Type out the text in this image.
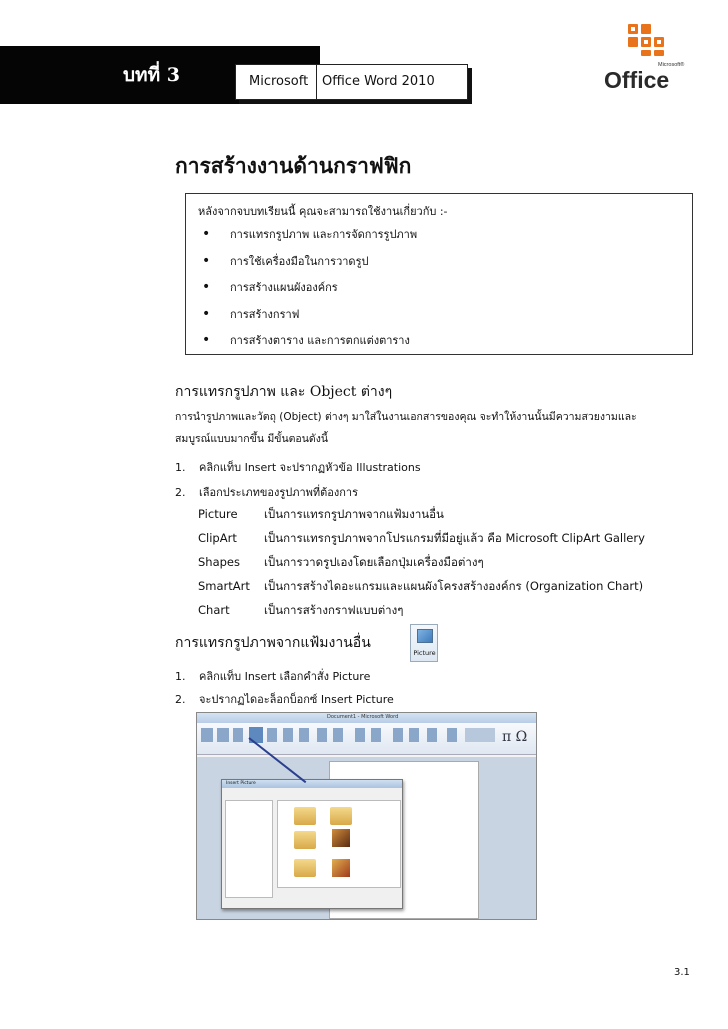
บทที่ 3	Microsoft Office Word 2010
Microsoft®
Office
การสร้างงานด้านกราฟฟิก
หลังจากจบบทเรียนนี้ คุณจะสามารถใช้งานเกี่ยวกับ :-
• การแทรกรูปภาพ และการจัดการรูปภาพ
• การใช้เครื่องมือในการวาดรูป
• การสร้างแผนผังองค์กร
• การสร้างกราฟ
• การสร้างตาราง และการตกแต่งตาราง
การแทรกรูปภาพ และ Object ต่างๆ
การนำรูปภาพและวัตถุ (Object) ต่างๆ มาใส่ในงานเอกสารของคุณ จะทำให้งานนั้นมีความสวยงามและ
สมบูรณ์แบบมากขึ้น มีขั้นตอนดังนี้
1. คลิกแท็บ Insert จะปรากฏหัวข้อ Illustrations
2. เลือกประเภทของรูปภาพที่ต้องการ
Picture เป็นการแทรกรูปภาพจากแฟ้มงานอื่น
ClipArt เป็นการแทรกรูปภาพจากโปรแกรมที่มีอยู่แล้ว คือ Microsoft ClipArt Gallery
Shapes เป็นการวาดรูปเองโดยเลือกปุ่มเครื่องมือต่างๆ
SmartArt เป็นการสร้างไดอะแกรมและแผนผังโครงสร้างองค์กร (Organization Chart)
Chart	เป็นการสร้างกราฟแบบต่างๆ
การแทรกรูปภาพจากแฟ้มงานอื่น
Picture
1. คลิกแท็บ Insert เลือกคำสั่ง Picture
2. จะปรากฏไดอะล็อกบ็อกซ์ Insert Picture
Document1 - Microsoft Word
π Ω
Insert Picture
3.1
